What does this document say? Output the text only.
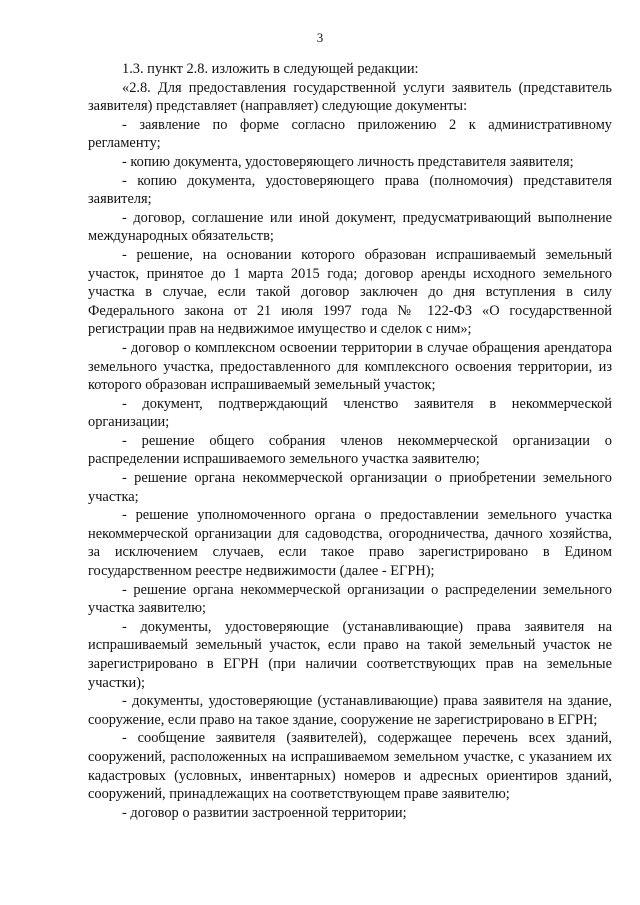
3

1.3. пункт 2.8. изложить в следующей редакции:

«2.8. Для предоставления государственной услуги заявитель (представитель заявителя) представляет (направляет) следующие документы:

- заявление по форме согласно приложению 2 к административному регламенту;

- копию документа, удостоверяющего личность представителя заявителя;

- копию документа, удостоверяющего права (полномочия) представителя заявителя;

- договор, соглашение или иной документ, предусматривающий выполнение международных обязательств;

- решение, на основании которого образован испрашиваемый земельный участок, принятое до 1 марта 2015 года; договор аренды исходного земельного участка в случае, если такой договор заключен до дня вступления в силу Федерального закона от 21 июля 1997 года № 122-ФЗ «О государственной регистрации прав на недвижимое имущество и сделок с ним»;

- договор о комплексном освоении территории в случае обращения арендатора земельного участка, предоставленного для комплексного освоения территории, из которого образован испрашиваемый земельный участок;

- документ, подтверждающий членство заявителя в некоммерческой организации;

- решение общего собрания членов некоммерческой организации о распределении испрашиваемого земельного участка заявителю;

- решение органа некоммерческой организации о приобретении земельного участка;

- решение уполномоченного органа о предоставлении земельного участка некоммерческой организации для садоводства, огородничества, дачного хозяйства, за исключением случаев, если такое право зарегистрировано в Едином государственном реестре недвижимости (далее - ЕГРН);

- решение органа некоммерческой организации о распределении земельного участка заявителю;

- документы, удостоверяющие (устанавливающие) права заявителя на испрашиваемый земельный участок, если право на такой земельный участок не зарегистрировано в ЕГРН (при наличии соответствующих прав на земельные участки);

- документы, удостоверяющие (устанавливающие) права заявителя на здание, сооружение, если право на такое здание, сооружение не зарегистрировано в ЕГРН;

- сообщение заявителя (заявителей), содержащее перечень всех зданий, сооружений, расположенных на испрашиваемом земельном участке, с указанием их кадастровых (условных, инвентарных) номеров и адресных ориентиров зданий, сооружений, принадлежащих на соответствующем праве заявителю;

- договор о развитии застроенной территории;
